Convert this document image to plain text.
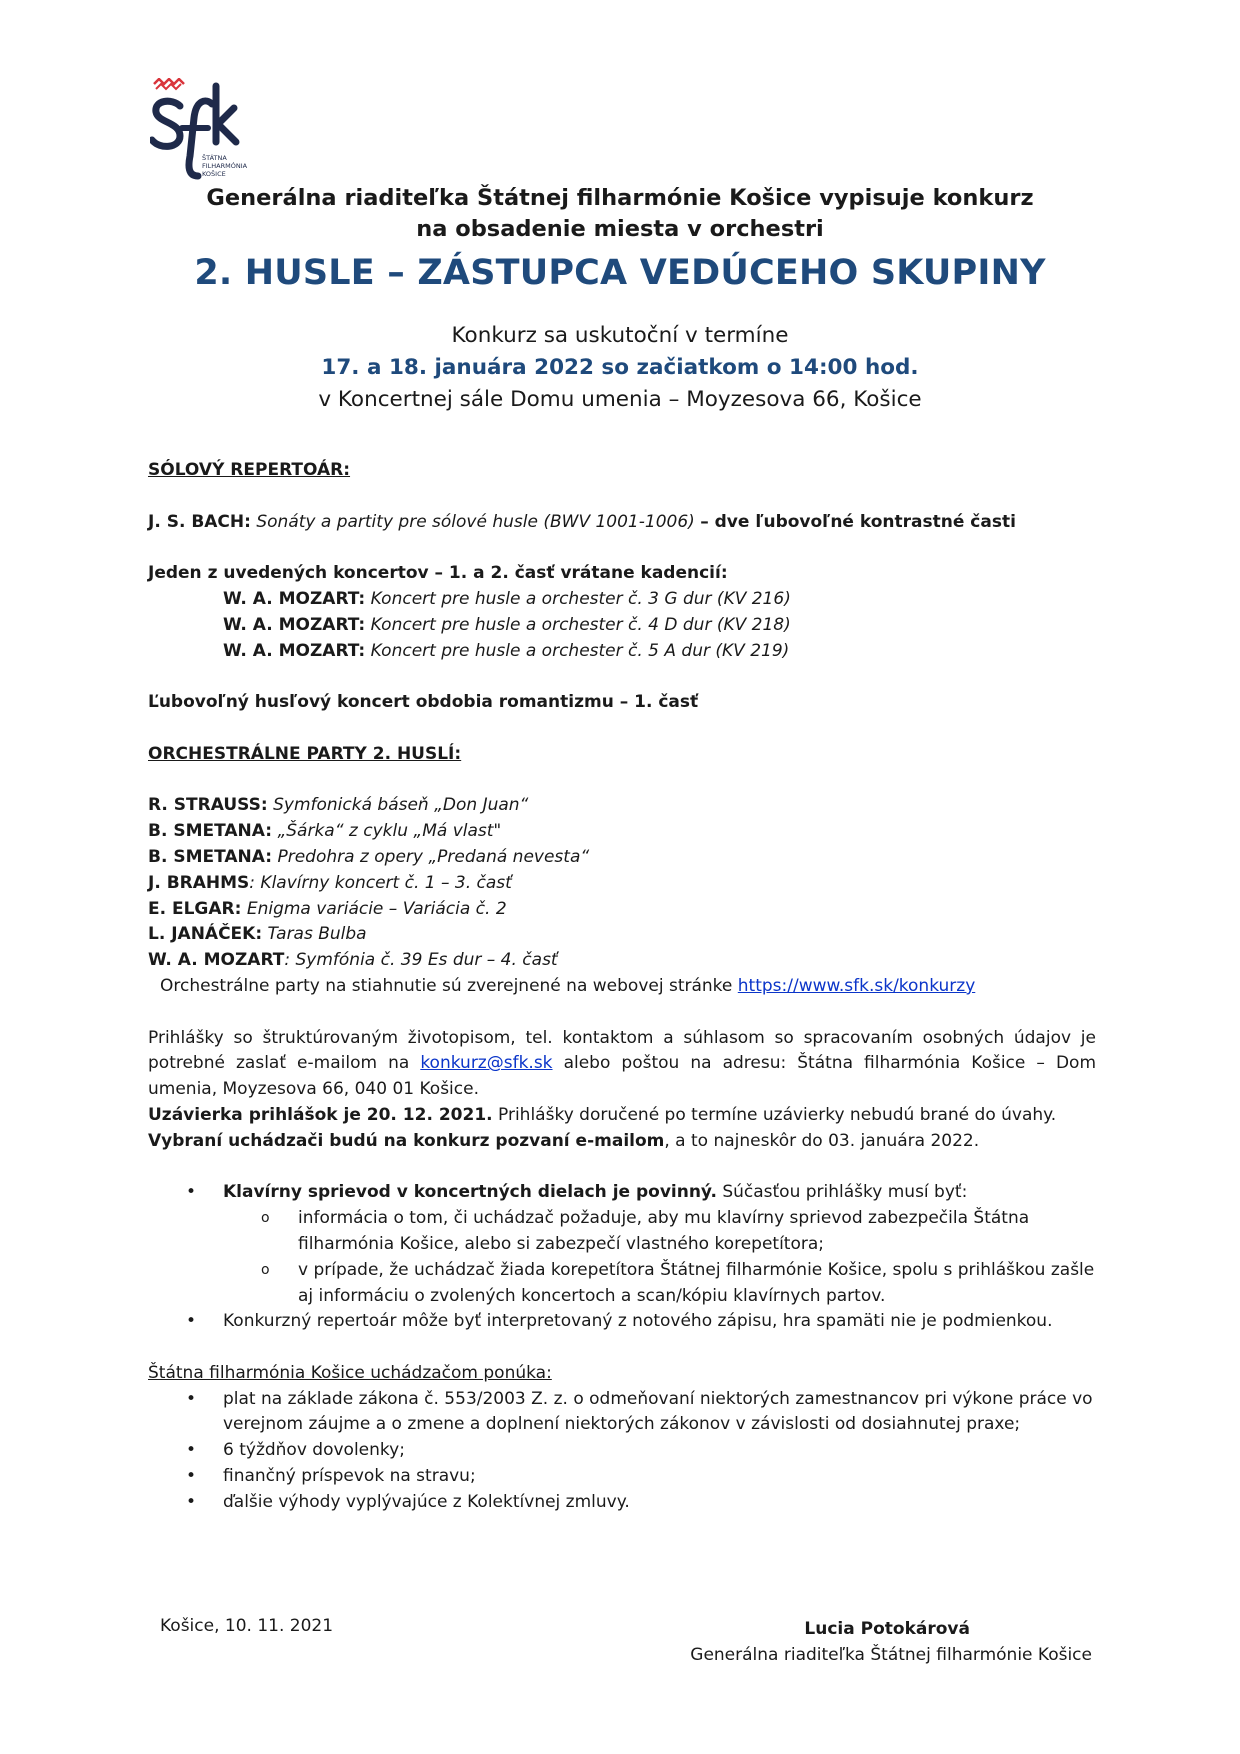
ŠTÁTNA
FILHARMÓNIA
KOŠICE
Generálna riaditeľka Štátnej filharmónie Košice vypisuje konkurz
na obsadenie miesta v orchestri
2. HUSLE – ZÁSTUPCA VEDÚCEHO SKUPINY
Konkurz sa uskutoční v termíne
17. a 18. januára 2022 so začiatkom o 14:00 hod.
v Koncertnej sále Domu umenia – Moyzesova 66, Košice

SÓLOVÝ REPERTOÁR:

J. S. BACH: Sonáty a partity pre sólové husle (BWV 1001-1006) – dve ľubovoľné kontrastné časti

Jeden z uvedených koncertov – 1. a 2. časť vrátane kadencií:

W. A. MOZART: Koncert pre husle a orchester č. 3 G dur (KV 216)

W. A. MOZART: Koncert pre husle a orchester č. 4 D dur (KV 218)

W. A. MOZART: Koncert pre husle a orchester č. 5 A dur (KV 219)

Ľubovoľný husľový koncert obdobia romantizmu – 1. časť

ORCHESTRÁLNE PARTY 2. HUSLÍ:

R. STRAUSS: Symfonická báseň „Don Juan“

B. SMETANA: „Šárka“ z cyklu „Má vlast"

B. SMETANA: Predohra z opery „Predaná nevesta“

J. BRAHMS: Klavírny koncert č. 1 – 3. časť

E. ELGAR: Enigma variácie – Variácia č. 2

L. JANÁČEK: Taras Bulba

W. A. MOZART: Symfónia č. 39 Es dur – 4. časť

Orchestrálne party na stiahnutie sú zverejnené na webovej stránke https://www.sfk.sk/konkurzy

Prihlášky so štruktúrovaným životopisom, tel. kontaktom a súhlasom so spracovaním osobných údajov je potrebné zaslať e-mailom na konkurz@sfk.sk alebo poštou na adresu: Štátna filharmónia Košice – Dom umenia, Moyzesova 66, 040 01 Košice.

Uzávierka prihlášok je 20. 12. 2021. Prihlášky doručené po termíne uzávierky nebudú brané do úvahy.

Vybraní uchádzači budú na konkurz pozvaní e-mailom, a to najneskôr do 03. januára 2022.

• Klavírny sprievod v koncertných dielach je povinný. Súčasťou prihlášky musí byť:

o informácia o tom, či uchádzač požaduje, aby mu klavírny sprievod zabezpečila Štátna filharmónia Košice, alebo si zabezpečí vlastného korepetítora;

o v prípade, že uchádzač žiada korepetítora Štátnej filharmónie Košice, spolu s prihláškou zašle aj informáciu o zvolených koncertoch a scan/kópiu klavírnych partov.

• Konkurzný repertoár môže byť interpretovaný z notového zápisu, hra spamäti nie je podmienkou.

Štátna filharmónia Košice uchádzačom ponúka:

• plat na základe zákona č. 553/2003 Z. z. o odmeňovaní niektorých zamestnancov pri výkone práce vo verejnom záujme a o zmene a doplnení niektorých zákonov v závislosti od dosiahnutej praxe;

• 6 týždňov dovolenky;

• finančný príspevok na stravu;

• ďalšie výhody vyplývajúce z Kolektívnej zmluvy.

Košice, 10. 11. 2021	Lucia Potokárová
Generálna riaditeľka Štátnej filharmónie Košice
